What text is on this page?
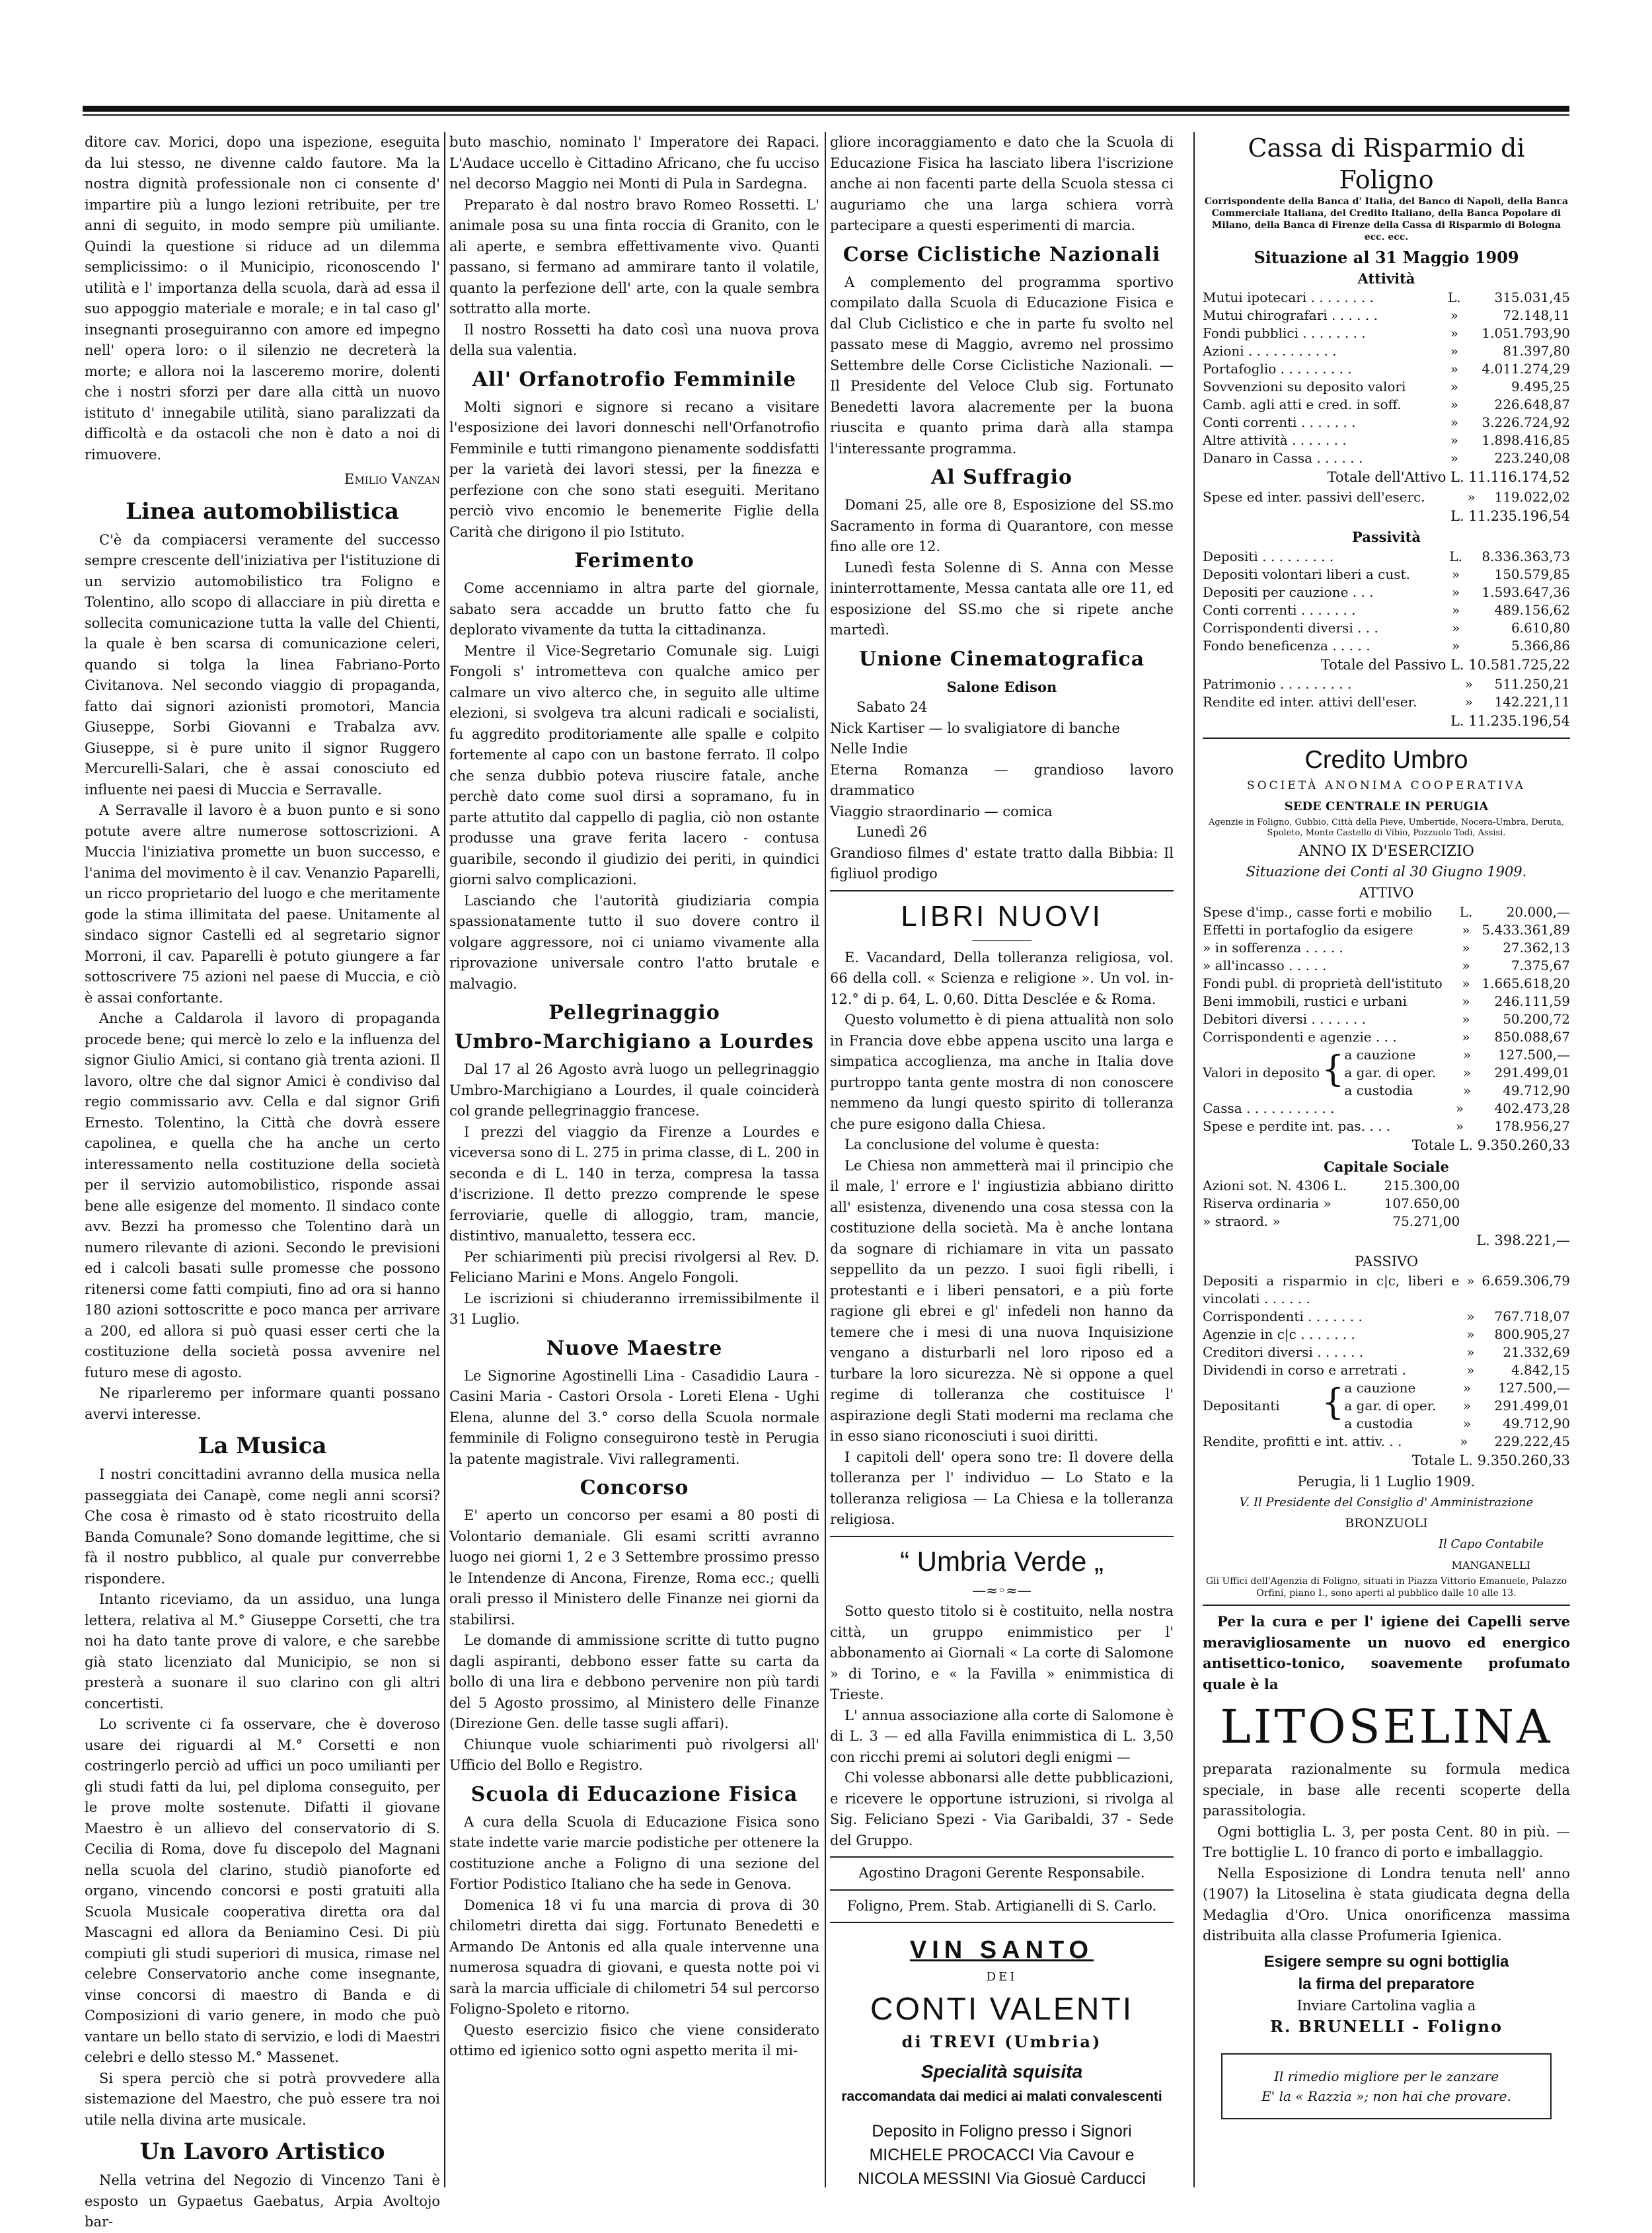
ditore cav. Morici, dopo una ispezione, eseguita da lui stesso, ne divenne caldo fautore. Ma la nostra dignità professionale non ci consente d' impartire più a lungo lezioni retribuite, per tre anni di seguito, in modo sempre più umiliante. Quindi la questione si riduce ad un dilemma semplicissimo: o il Municipio, riconoscendo l' utilità e l' importanza della scuola, darà ad essa il suo appoggio materiale e morale; e in tal caso gl' insegnanti proseguiranno con amore ed impegno nell' opera loro: o il silenzio ne decreterà la morte; e allora noi la lasceremo morire, dolenti che i nostri sforzi per dare alla città un nuovo istituto d' innegabile utilità, siano paralizzati da difficoltà e da ostacoli che non è dato a noi di rimuovere.

Emilio Vanzan
Linea automobilistica

C'è da compiacersi veramente del successo sempre crescente dell'iniziativa per l'istituzione di un servizio automobilistico tra Foligno e Tolentino, allo scopo di allacciare in più diretta e sollecita comunicazione tutta la valle del Chienti, la quale è ben scarsa di comunicazione celeri, quando si tolga la linea Fabriano-Porto Civitanova. Nel secondo viaggio di propaganda, fatto dai signori azionisti promotori, Mancia Giuseppe, Sorbi Giovanni e Trabalza avv. Giuseppe, si è pure unito il signor Ruggero Mercurelli-Salari, che è assai conosciuto ed influente nei paesi di Muccia e Serravalle.

A Serravalle il lavoro è a buon punto e si sono potute avere altre numerose sottoscrizioni. A Muccia l'iniziativa promette un buon successo, e l'anima del movimento è il cav. Venanzio Paparelli, un ricco proprietario del luogo e che meritamente gode la stima illimitata del paese. Unitamente al sindaco signor Castelli ed al segretario signor Morroni, il cav. Paparelli è potuto giungere a far sottoscrivere 75 azioni nel paese di Muccia, e ciò è assai confortante.

Anche a Caldarola il lavoro di propaganda procede bene; qui mercè lo zelo e la influenza del signor Giulio Amici, si contano già trenta azioni. Il lavoro, oltre che dal signor Amici è condiviso dal regio commissario avv. Cella e dal signor Grifi Ernesto. Tolentino, la Città che dovrà essere capolinea, e quella che ha anche un certo interessamento nella costituzione della società per il servizio automobilistico, risponde assai bene alle esigenze del momento. Il sindaco conte avv. Bezzi ha promesso che Tolentino darà un numero rilevante di azioni. Secondo le previsioni ed i calcoli basati sulle promesse che possono ritenersi come fatti compiuti, fino ad ora si hanno 180 azioni sottoscritte e poco manca per arrivare a 200, ed allora si può quasi esser certi che la costituzione della società possa avvenire nel futuro mese di agosto.

Ne riparleremo per informare quanti possano avervi interesse.

La Musica

I nostri concittadini avranno della musica nella passeggiata dei Canapè, come negli anni scorsi? Che cosa è rimasto od è stato ricostruito della Banda Comunale? Sono domande legittime, che si fà il nostro pubblico, al quale pur converrebbe rispondere.

Intanto riceviamo, da un assiduo, una lunga lettera, relativa al M.° Giuseppe Corsetti, che tra noi ha dato tante prove di valore, e che sarebbe già stato licenziato dal Municipio, se non si presterà a suonare il suo clarino con gli altri concertisti.

Lo scrivente ci fa osservare, che è doveroso usare dei riguardi al M.° Corsetti e non costringerlo perciò ad uffici un poco umilianti per gli studi fatti da lui, pel diploma conseguito, per le prove molte sostenute. Difatti il giovane Maestro è un allievo del conservatorio di S. Cecilia di Roma, dove fu discepolo del Magnani nella scuola del clarino, studiò pianoforte ed organo, vincendo concorsi e posti gratuiti alla Scuola Musicale cooperativa diretta ora dal Mascagni ed allora da Beniamino Cesi. Di più compiuti gli studi superiori di musica, rimase nel celebre Conservatorio anche come insegnante, vinse concorsi di maestro di Banda e di Composizioni di vario genere, in modo che può vantare un bello stato di servizio, e lodi di Maestri celebri e dello stesso M.° Massenet.

Si spera perciò che si potrà provvedere alla sistemazione del Maestro, che può essere tra noi utile nella divina arte musicale.

Un Lavoro Artistico

Nella vetrina del Negozio di Vincenzo Tani è esposto un Gypaetus Gaebatus, Arpia Avoltojo bar-

buto maschio, nominato l' Imperatore dei Rapaci. L'Audace uccello è Cittadino Africano, che fu ucciso nel decorso Maggio nei Monti di Pula in Sardegna.

Preparato è dal nostro bravo Romeo Rossetti. L' animale posa su una finta roccia di Granito, con le ali aperte, e sembra effettivamente vivo. Quanti passano, si fermano ad ammirare tanto il volatile, quanto la perfezione dell' arte, con la quale sembra sottratto alla morte.

Il nostro Rossetti ha dato così una nuova prova della sua valentia.

All' Orfanotrofio Femminile

Molti signori e signore si recano a visitare l'esposizione dei lavori donneschi nell'Orfanotrofio Femminile e tutti rimangono pienamente soddisfatti per la varietà dei lavori stessi, per la finezza e perfezione con che sono stati eseguiti. Meritano perciò vivo encomio le benemerite Figlie della Carità che dirigono il pio Istituto.

Ferimento

Come accenniamo in altra parte del giornale, sabato sera accadde un brutto fatto che fu deplorato vivamente da tutta la cittadinanza.

Mentre il Vice-Segretario Comunale sig. Luigi Fongoli s' intrometteva con qualche amico per calmare un vivo alterco che, in seguito alle ultime elezioni, si svolgeva tra alcuni radicali e socialisti, fu aggredito proditoriamente alle spalle e colpito fortemente al capo con un bastone ferrato. Il colpo che senza dubbio poteva riuscire fatale, anche perchè dato come suol dirsi a sopramano, fu in parte attutito dal cappello di paglia, ciò non ostante produsse una grave ferita lacero - contusa guaribile, secondo il giudizio dei periti, in quindici giorni salvo complicazioni.

Lasciando che l'autorità giudiziaria compia spassionatamente tutto il suo dovere contro il volgare aggressore, noi ci uniamo vivamente alla riprovazione universale contro l'atto brutale e malvagio.

Pellegrinaggio
Umbro-Marchigiano a Lourdes

Dal 17 al 26 Agosto avrà luogo un pellegrinaggio Umbro-Marchigiano a Lourdes, il quale coinciderà col grande pellegrinaggio francese.

I prezzi del viaggio da Firenze a Lourdes e viceversa sono di L. 275 in prima classe, di L. 200 in seconda e di L. 140 in terza, compresa la tassa d'iscrizione. Il detto prezzo comprende le spese ferroviarie, quelle di alloggio, tram, mancie, distintivo, manualetto, tessera ecc.

Per schiarimenti più precisi rivolgersi al Rev. D. Feliciano Marini e Mons. Angelo Fongoli.

Le iscrizioni si chiuderanno irremissibilmente il 31 Luglio.

Nuove Maestre

Le Signorine Agostinelli Lina - Casadidio Laura - Casini Maria - Castori Orsola - Loreti Elena - Ughi Elena, alunne del 3.° corso della Scuola normale femminile di Foligno conseguirono testè in Perugia la patente magistrale. Vivi rallegramenti.

Concorso

E' aperto un concorso per esami a 80 posti di Volontario demaniale. Gli esami scritti avranno luogo nei giorni 1, 2 e 3 Settembre prossimo presso le Intendenze di Ancona, Firenze, Roma ecc.; quelli orali presso il Ministero delle Finanze nei giorni da stabilirsi.

Le domande di ammissione scritte di tutto pugno dagli aspiranti, debbono esser fatte su carta da bollo di una lira e debbono pervenire non più tardi del 5 Agosto prossimo, al Ministero delle Finanze (Direzione Gen. delle tasse sugli affari).

Chiunque vuole schiarimenti può rivolgersi all' Ufficio del Bollo e Registro.

Scuola di Educazione Fisica

A cura della Scuola di Educazione Fisica sono state indette varie marcie podistiche per ottenere la costituzione anche a Foligno di una sezione del Fortior Podistico Italiano che ha sede in Genova.

Domenica 18 vi fu una marcia di prova di 30 chilometri diretta dai sigg. Fortunato Benedetti e Armando De Antonis ed alla quale intervenne una numerosa squadra di giovani, e questa notte poi vi sarà la marcia ufficiale di chilometri 54 sul percorso Foligno-Spoleto e ritorno.

Questo esercizio fisico che viene considerato ottimo ed igienico sotto ogni aspetto merita il mi-

gliore incoraggiamento e dato che la Scuola di Educazione Fisica ha lasciato libera l'iscrizione anche ai non facenti parte della Scuola stessa ci auguriamo che una larga schiera vorrà partecipare a questi esperimenti di marcia.

Corse Ciclistiche Nazionali

A complemento del programma sportivo compilato dalla Scuola di Educazione Fisica e dal Club Ciclistico e che in parte fu svolto nel passato mese di Maggio, avremo nel prossimo Settembre delle Corse Ciclistiche Nazionali. — Il Presidente del Veloce Club sig. Fortunato Benedetti lavora alacremente per la buona riuscita e quanto prima darà alla stampa l'interessante programma.

Al Suffragio

Domani 25, alle ore 8, Esposizione del SS.mo Sacramento in forma di Quarantore, con messe fino alle ore 12.

Lunedì festa Solenne di S. Anna con Messe ininterrottamente, Messa cantata alle ore 11, ed esposizione del SS.mo che si ripete anche martedì.

Unione Cinematografica
Salone Edison

Sabato 24

Nick Kartiser — lo svaligiatore di banche

Nelle Indie

Eterna Romanza — grandioso lavoro drammatico

Viaggio straordinario — comica

Lunedì 26

Grandioso filmes d' estate tratto dalla Bibbia: Il figliuol prodigo

LIBRI NUOVI

E. Vacandard, Della tolleranza religiosa, vol. 66 della coll. « Scienza e religione ». Un vol. in-12.° di p. 64, L. 0,60. Ditta Desclée e & Roma.

Questo volumetto è di piena attualità non solo in Francia dove ebbe appena uscito una larga e simpatica accoglienza, ma anche in Italia dove purtroppo tanta gente mostra di non conoscere nemmeno da lungi questo spirito di tolleranza che pure esigono dalla Chiesa.

La conclusione del volume è questa:

Le Chiesa non ammetterà mai il principio che il male, l' errore e l' ingiustizia abbiano diritto all' esistenza, divenendo una cosa stessa con la costituzione della società. Ma è anche lontana da sognare di richiamare in vita un passato seppellito da un pezzo. I suoi figli ribelli, i protestanti e i liberi pensatori, e a più forte ragione gli ebrei e gl' infedeli non hanno da temere che i mesi di una nuova Inquisizione vengano a disturbarli nel loro riposo ed a turbare la loro sicurezza. Nè si oppone a quel regime di tolleranza che costituisce l' aspirazione degli Stati moderni ma reclama che in esso siano riconosciuti i suoi diritti.

I capitoli dell' opera sono tre: Il dovere della tolleranza per l' individuo — Lo Stato e la tolleranza religiosa — La Chiesa e la tolleranza religiosa.

“ Umbria Verde „
—≈◦≈—

Sotto questo titolo si è costituito, nella nostra città, un gruppo enimmistico per l' abbonamento ai Giornali « La corte di Salomone » di Torino, e « la Favilla » enimmistica di Trieste.

L' annua associazione alla corte di Salomone è di L. 3 — ed alla Favilla enimmistica di L. 3,50 con ricchi premi ai solutori degli enigmi —

Chi volesse abbonarsi alle dette pubblicazioni, e ricevere le opportune istruzioni, si rivolga al Sig. Feliciano Spezi - Via Garibaldi, 37 - Sede del Gruppo.

Agostino Dragoni Gerente Responsabile.
Foligno, Prem. Stab. Artigianelli di S. Carlo.
VIN SANTO
DEI
CONTI VALENTI
di TREVI (Umbria)
Specialità squisita
raccomandata dai medici ai malati convalescenti
Deposito in Foligno presso i Signori
MICHELE PROCACCI Via Cavour e
NICOLA MESSINI Via Giosuè Carducci
Cassa di Risparmio di Foligno
Corrispondente della Banca d' Italia, del Banco di Napoli, della Banca Commerciale Italiana, del Credito Italiano, della Banca Popolare di Milano, della Banca di Firenze della Cassa di Risparmio di Bologna ecc. ecc.
Situazione al 31 Maggio 1909
Attività
Mutui ipotecari . . . . . . . .	L.	315.031,45
Mutui chirografari . . . . . .	»	72.148,11
Fondi pubblici . . . . . . . .	»	1.051.793,90
Azioni . . . . . . . . . . .	»	81.397,80
Portafoglio . . . . . . . . .	»	4.011.274,29
Sovvenzioni su deposito valori	»	9.495,25
Camb. agli atti e cred. in soff.	»	226.648,87
Conti correnti . . . . . . .	»	3.226.724,92
Altre attività . . . . . . .	»	1.898.416,85
Danaro in Cassa . . . . . .	»	223.240,08
Totale dell'Attivo L. 11.116.174,52
Spese ed inter. passivi dell'eserc.	»	119.022,02
L. 11.235.196,54
Passività
Depositi . . . . . . . . .	L.	8.336.363,73
Depositi volontari liberi a cust.	»	150.579,85
Depositi per cauzione . . .	»	1.593.647,36
Conti correnti . . . . . . .	»	489.156,62
Corrispondenti diversi . . .	»	6.610,80
Fondo beneficenza . . . . .	»	5.366,86
Totale del Passivo L. 10.581.725,22
Patrimonio . . . . . . . . .	»	511.250,21
Rendite ed inter. attivi dell'eser.	»	142.221,11
L. 11.235.196,54
Credito Umbro
SOCIETÀ ANONIMA COOPERATIVA
SEDE CENTRALE IN PERUGIA
Agenzie in Foligno, Gubbio, Città della Pieve, Umbertide, Nocera-Umbra, Deruta, Spoleto, Monte Castello di Vibio, Pozzuolo Todi, Assisi.
ANNO IX D'ESERCIZIO
Situazione dei Conti al 30 Giugno 1909.
ATTIVO
Spese d'imp., casse forti e mobilio	L.	20.000,—
Effetti in portafoglio da esigere	»	5.433.361,89
» in sofferenza . . . . .	»	27.362,13
» all'incasso . . . . .	»	7.375,67
Fondi publ. di proprietà dell'istituto	»	1.665.618,20
Beni immobili, rustici e urbani	»	246.111,59
Debitori diversi . . . . . . .	»	50.200,72
Corrispondenti e agenzie . . .	»	850.088,67
Valori in deposito	{	a cauzione	»	127.500,—
		a gar. di oper.	»	291.499,01
		a custodia	»	49.712,90
Cassa . . . . . . . . . . .	»	402.473,28
Spese e perdite int. pas. . . .	»	178.956,27
Totale L. 9.350.260,33
Capitale Sociale
Azioni sot. N. 4306 L.	215.300,00
Riserva ordinaria »	107.650,00
» straord. »	75.271,00
L. 398.221,—
PASSIVO
Depositi a risparmio in c|c, liberi e vincolati . . . . . .	»	6.659.306,79
Corrispondenti . . . . . . .	»	767.718,07
Agenzie in c|c . . . . . . .	»	800.905,27
Creditori diversi . . . . . .	»	21.332,69
Dividendi in corso e arretrati .	»	4.842,15
Depositanti	{	a cauzione	»	127.500,—
		a gar. di oper.	»	291.499,01
		a custodia	»	49.712,90
Rendite, profitti e int. attiv. . .	»	229.222,45
Totale L. 9.350.260,33
Perugia, li 1 Luglio 1909.
V. Il Presidente del Consiglio d' Amministrazione
BRONZUOLI
Il Capo Contabile
MANGANELLI
Gli Uffici dell'Agenzia di Foligno, situati in Piazza Vittorio Emanuele, Palazzo Orfini, piano I., sono aperti al pubblico dalle 10 alle 13.

Per la cura e per l' igiene dei Capelli serve meravigliosamente un nuovo ed energico antisettico-tonico, soavemente profumato quale è la

LITOSELINA

preparata razionalmente su formula medica speciale, in base alle recenti scoperte della parassitologia.

Ogni bottiglia L. 3, per posta Cent. 80 in più. — Tre bottiglie L. 10 franco di porto e imballaggio.

Nella Esposizione di Londra tenuta nell' anno (1907) la Litoselina è stata giudicata degna della Medaglia d'Oro. Unica onorificenza massima distribuita alla classe Profumeria Igienica.

Esigere sempre su ogni bottiglia
la firma del preparatore
Inviare Cartolina vaglia a
R. BRUNELLI - Foligno
Il rimedio migliore per le zanzare
E' la « Razzia »; non hai che provare.
